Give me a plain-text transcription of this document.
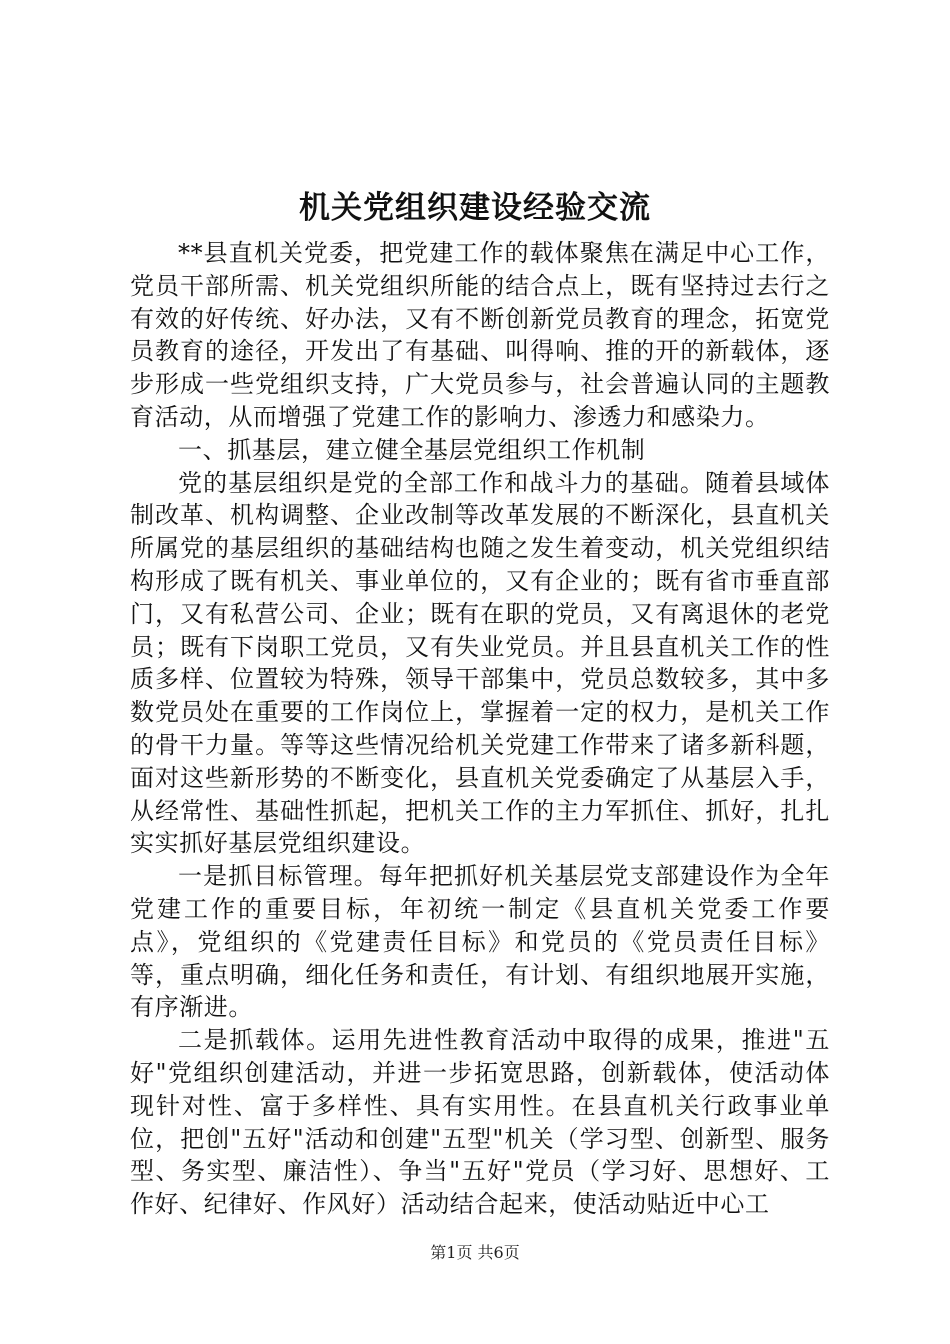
机关党组织建设经验交流

**县直机关党委，把党建工作的载体聚焦在满足中心工作，党员干部所需、机关党组织所能的结合点上，既有坚持过去行之有效的好传统、好办法，又有不断创新党员教育的理念，拓宽党员教育的途径，开发出了有基础、叫得响、推的开的新载体，逐步形成一些党组织支持，广大党员参与，社会普遍认同的主题教育活动，从而增强了党建工作的影响力、渗透力和感染力。

一、抓基层，建立健全基层党组织工作机制

党的基层组织是党的全部工作和战斗力的基础。随着县域体制改革、机构调整、企业改制等改革发展的不断深化，县直机关所属党的基层组织的基础结构也随之发生着变动，机关党组织结构形成了既有机关、事业单位的，又有企业的；既有省市垂直部门，又有私营公司、企业；既有在职的党员，又有离退休的老党员；既有下岗职工党员，又有失业党员。并且县直机关工作的性质多样、位置较为特殊，领导干部集中，党员总数较多，其中多数党员处在重要的工作岗位上，掌握着一定的权力，是机关工作的骨干力量。等等这些情况给机关党建工作带来了诸多新科题，面对这些新形势的不断变化，县直机关党委确定了从基层入手，从经常性、基础性抓起，把机关工作的主力军抓住、抓好，扎扎实实抓好基层党组织建设。

一是抓目标管理。每年把抓好机关基层党支部建设作为全年党建工作的重要目标，年初统一制定《县直机关党委工作要点》，党组织的《党建责任目标》和党员的《党员责任目标》等，重点明确，细化任务和责任，有计划、有组织地展开实施，有序渐进。

二是抓载体。运用先进性教育活动中取得的成果，推进"五好"党组织创建活动，并进一步拓宽思路，创新载体，使活动体现针对性、富于多样性、具有实用性。在县直机关行政事业单位，把创"五好"活动和创建"五型"机关（学习型、创新型、服务型、务实型、廉洁性）、争当"五好"党员（学习好、思想好、工作好、纪律好、作风好）活动结合起来，使活动贴近中心工

第1页 共6页
